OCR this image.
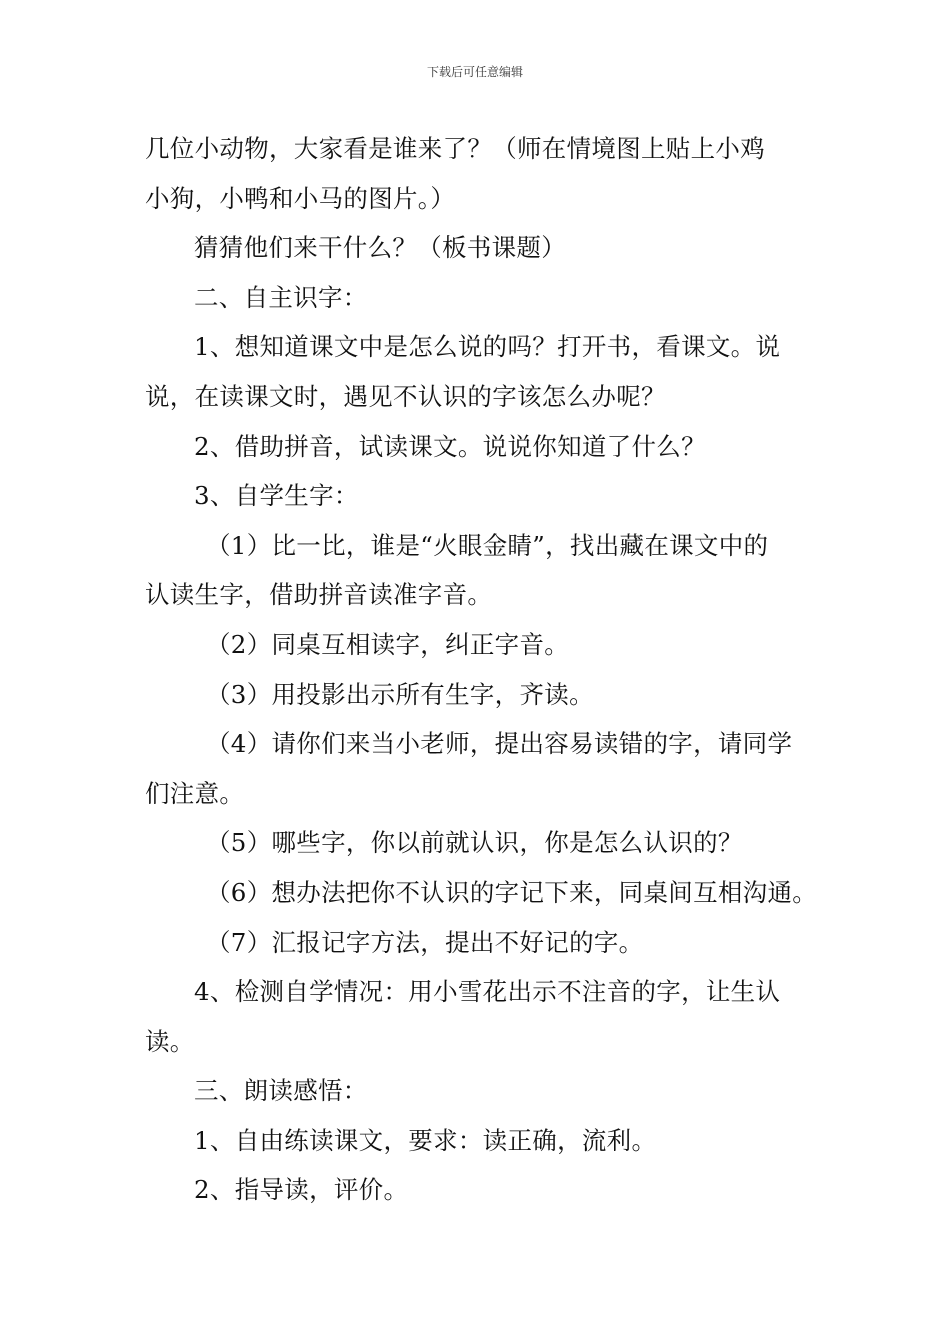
下载后可任意编辑
几位小动物，大家看是谁来了？（师在情境图上贴上小鸡
小狗，小鸭和小马的图片。）
猜猜他们来干什么？（板书课题）
二、自主识字：
1、想知道课文中是怎么说的吗？打开书，看课文。说
说，在读课文时，遇见不认识的字该怎么办呢？
2、借助拼音，试读课文。说说你知道了什么？
3、自学生字：
（1）比一比，谁是“火眼金睛”，找出藏在课文中的
认读生字，借助拼音读准字音。
（2）同桌互相读字，纠正字音。
（3）用投影出示所有生字，齐读。
（4）请你们来当小老师，提出容易读错的字，请同学
们注意。
（5）哪些字，你以前就认识，你是怎么认识的？
（6）想办法把你不认识的字记下来，同桌间互相沟通。
（7）汇报记字方法，提出不好记的字。
4、检测自学情况：用小雪花出示不注音的字，让生认
读。
三、朗读感悟：
1、自由练读课文，要求：读正确，流利。
2、指导读，评价。
